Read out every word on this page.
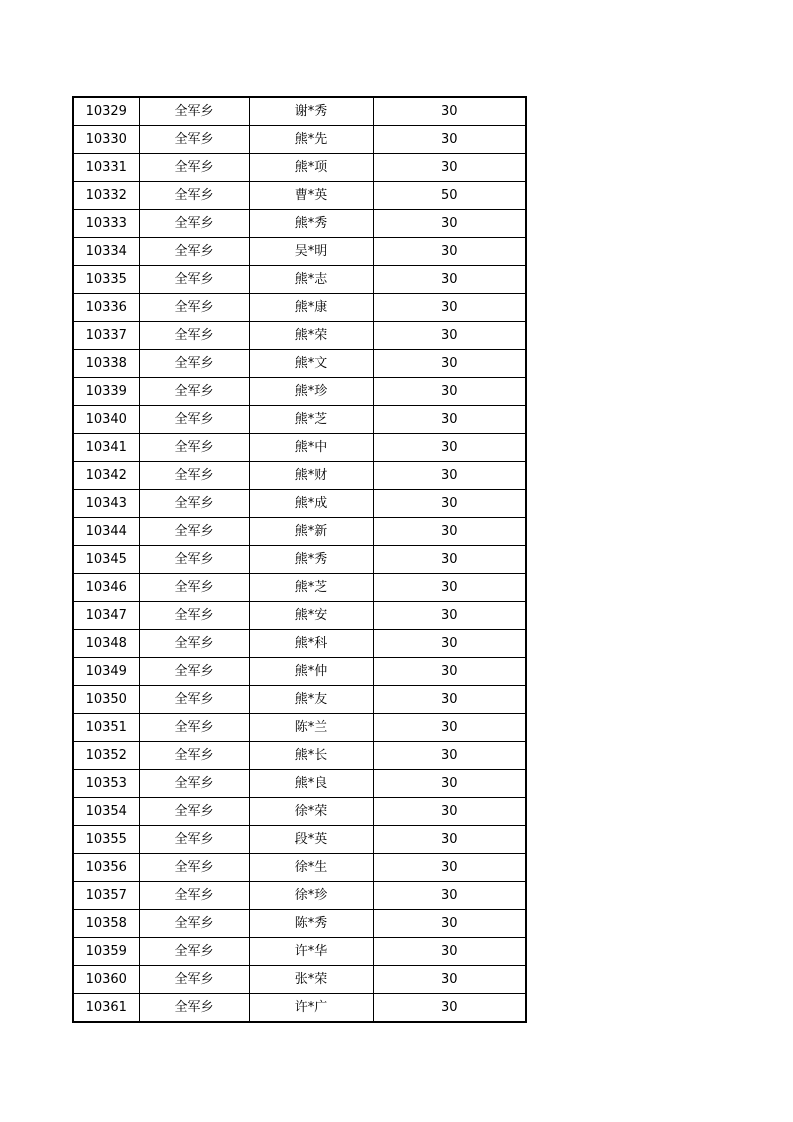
10329	全军乡	谢*秀	30
10330	全军乡	熊*先	30
10331	全军乡	熊*项	30
10332	全军乡	曹*英	50
10333	全军乡	熊*秀	30
10334	全军乡	吴*明	30
10335	全军乡	熊*志	30
10336	全军乡	熊*康	30
10337	全军乡	熊*荣	30
10338	全军乡	熊*文	30
10339	全军乡	熊*珍	30
10340	全军乡	熊*芝	30
10341	全军乡	熊*中	30
10342	全军乡	熊*财	30
10343	全军乡	熊*成	30
10344	全军乡	熊*新	30
10345	全军乡	熊*秀	30
10346	全军乡	熊*芝	30
10347	全军乡	熊*安	30
10348	全军乡	熊*科	30
10349	全军乡	熊*仲	30
10350	全军乡	熊*友	30
10351	全军乡	陈*兰	30
10352	全军乡	熊*长	30
10353	全军乡	熊*良	30
10354	全军乡	徐*荣	30
10355	全军乡	段*英	30
10356	全军乡	徐*生	30
10357	全军乡	徐*珍	30
10358	全军乡	陈*秀	30
10359	全军乡	许*华	30
10360	全军乡	张*荣	30
10361	全军乡	许*广	30
